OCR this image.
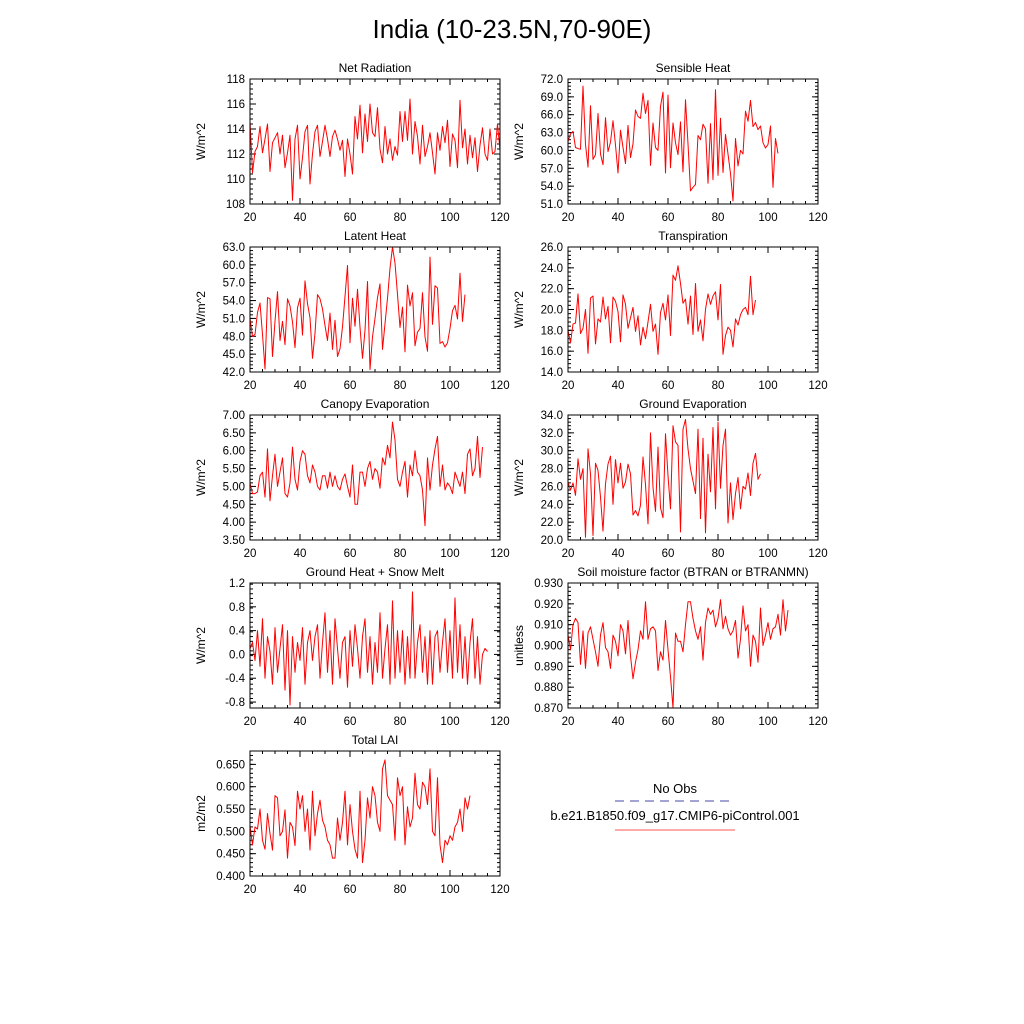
India (10-23.5N,70-90E)
Net Radiation
W/m^2
20	40	60	80	100	120
108
110
112
114
116
118
Sensible Heat
W/m^2
20	40	60	80	100	120
51.0
54.0
57.0
60.0
63.0
66.0
69.0
72.0
Latent Heat
W/m^2
20	40	60	80	100	120
42.0
45.0
48.0
51.0
54.0
57.0
60.0
63.0
Transpiration
W/m^2
20	40	60	80	100	120
14.0
16.0
18.0
20.0
22.0
24.0
26.0
Canopy Evaporation
W/m^2
20	40	60	80	100	120
3.50
4.00
4.50
5.00
5.50
6.00
6.50
7.00
Ground Evaporation
W/m^2
20	40	60	80	100	120
20.0
22.0
24.0
26.0
28.0
30.0
32.0
34.0
Ground Heat + Snow Melt
W/m^2
20	40	60	80	100	120
-0.8
-0.4
0.0
0.4
0.8
1.2
Soil moisture factor (BTRAN or BTRANMN)
unitless
20	40	60	80	100	120
0.870
0.880
0.890
0.900
0.910
0.920
0.930
Total LAI
m2/m2
20	40	60	80	100	120
0.400
0.450
0.500
0.550
0.600
0.650
No Obs
b.e21.B1850.f09_g17.CMIP6-piControl.001
